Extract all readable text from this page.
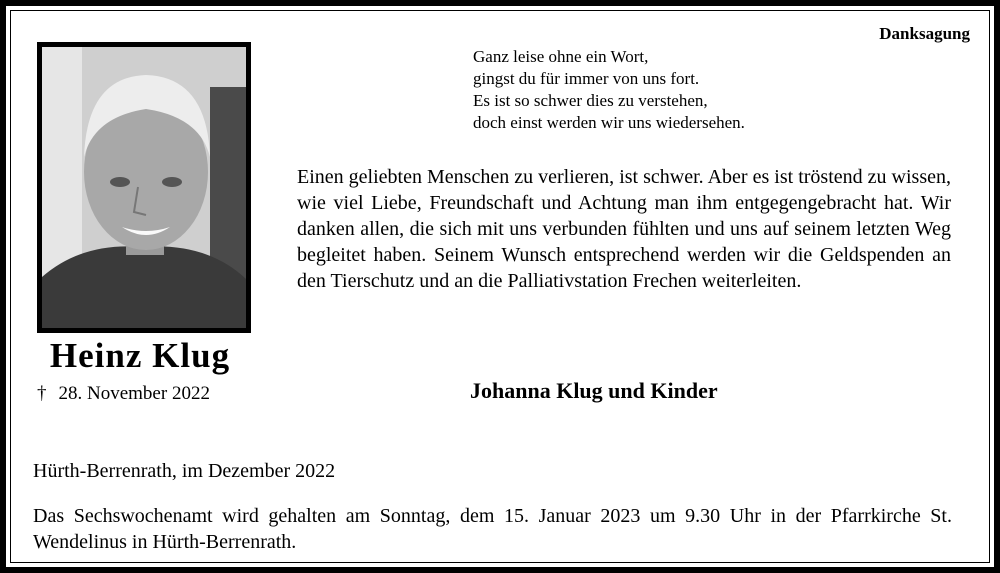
Danksagung
Heinz Klug
† 28. November 2022
Ganz leise ohne ein Wort,
gingst du für immer von uns fort.
Es ist so schwer dies zu verstehen,
doch einst werden wir uns wiedersehen.
Einen geliebten Menschen zu verlieren, ist schwer. Aber es ist tröstend zu wissen, wie viel Liebe, Freundschaft und Achtung man ihm entgegengebracht hat. Wir danken allen, die sich mit uns verbunden fühlten und uns auf seinem letzten Weg begleitet haben. Seinem Wunsch entsprechend werden wir die Geldspenden an den Tierschutz und an die Palliativstation Frechen weiterleiten.
Johanna Klug und Kinder
Hürth-Berrenrath, im Dezember 2022
Das Sechswochenamt wird gehalten am Sonntag, dem 15. Januar 2023 um 9.30 Uhr in der Pfarrkirche St. Wendelinus in Hürth-Berrenrath.
